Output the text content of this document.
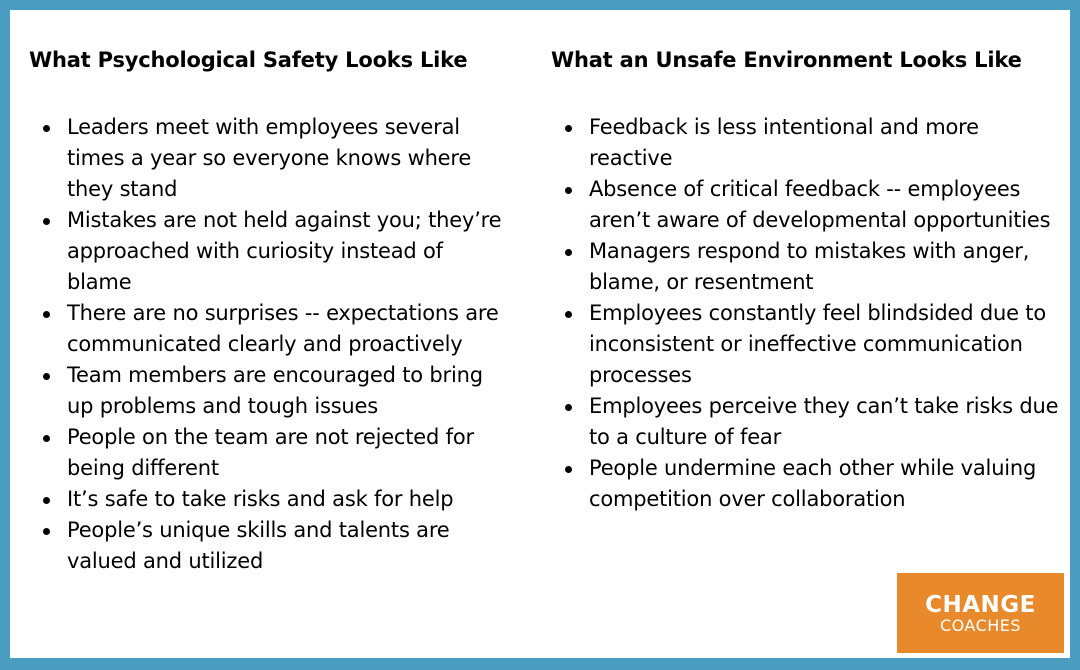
What Psychological Safety Looks Like
Leaders meet with employees several times a year so everyone knows where they stand
Mistakes are not held against you; they’re approached with curiosity instead of blame
There are no surprises -- expectations are communicated clearly and proactively
Team members are encouraged to bring up problems and tough issues
People on the team are not rejected for being different
It’s safe to take risks and ask for help
People’s unique skills and talents are valued and utilized
What an Unsafe Environment Looks Like
Feedback is less intentional and more reactive
Absence of critical feedback -- employees aren’t aware of developmental opportunities
Managers respond to mistakes with anger, blame, or resentment
Employees constantly feel blindsided due to inconsistent or ineffective communication processes
Employees perceive they can’t take risks due to a culture of fear
People undermine each other while valuing competition over collaboration
CHANGE
COACHES
